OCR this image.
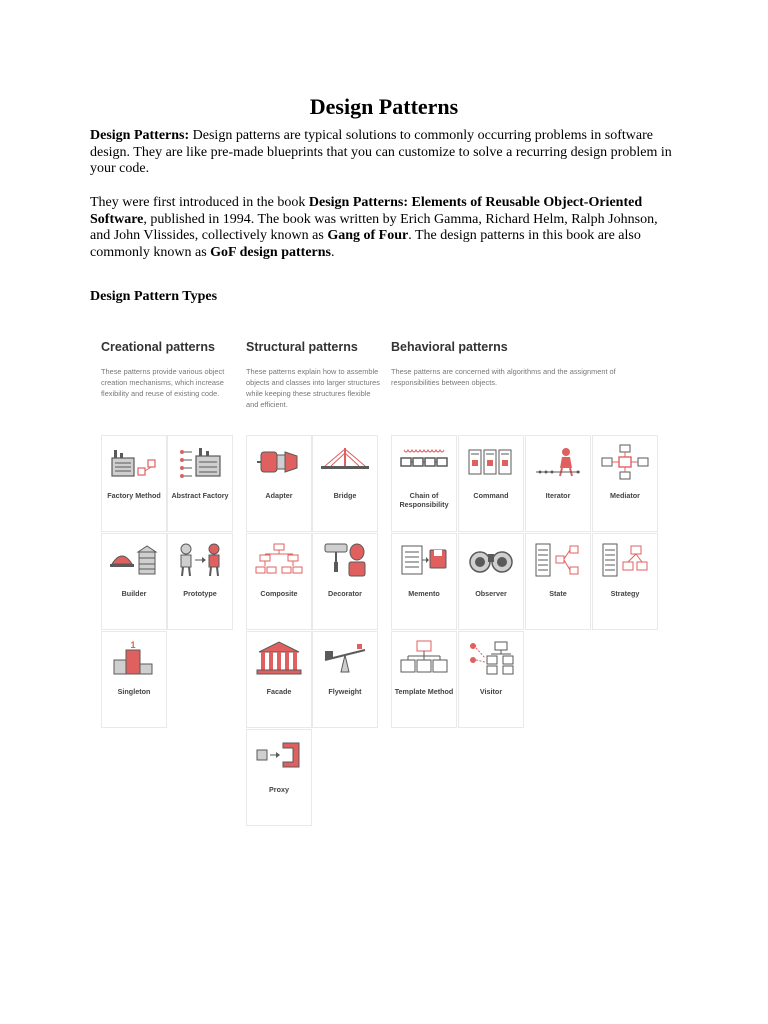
Design Patterns

Design Patterns: Design patterns are typical solutions to commonly occurring problems in software design. They are like pre-made blueprints that you can customize to solve a recurring design problem in your code.

They were first introduced in the book Design Patterns: Elements of Reusable Object-Oriented Software, published in 1994. The book was written by Erich Gamma, Richard Helm, Ralph Johnson, and John Vlissides, collectively known as Gang of Four. The design patterns in this book are also commonly known as GoF design patterns.

Design Pattern Types
Creational patterns
These patterns provide various object creation mechanisms, which increase flexibility and reuse of existing code.
Structural patterns
These patterns explain how to assemble objects and classes into larger structures while keeping these structures flexible and efficient.
Behavioral patterns
These patterns are concerned with algorithms and the assignment of responsibilities between objects.
Factory Method	Abstract Factory
Builder	Prototype
1
Singleton
Adapter	Bridge
Composite	Decorator
Facade	Flyweight
Proxy
Chain of Responsibility
Command	Iterator	Mediator
Memento	Observer	State	Strategy
Template Method	Visitor
